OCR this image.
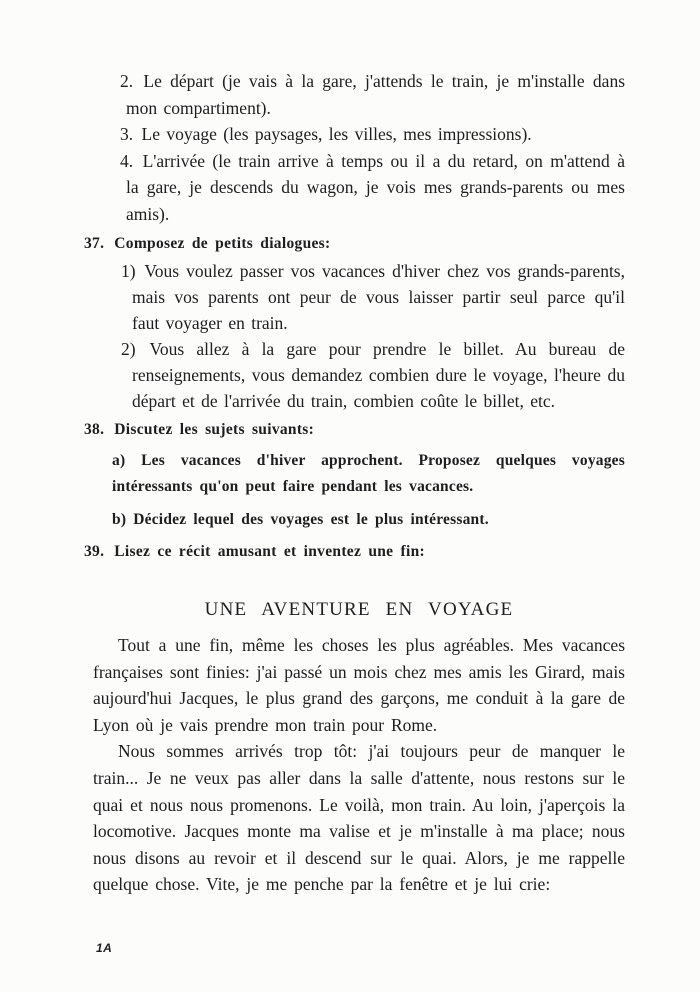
2. Le départ (je vais à la gare, j'attends le train, je m'installe dans mon compartiment).

3. Le voyage (les paysages, les villes, mes impressions).

4. L'arrivée (le train arrive à temps ou il a du retard, on m'attend à la gare, je descends du wagon, je vois mes grands-parents ou mes amis).

37. Composez de petits dialogues:

1) Vous voulez passer vos vacances d'hiver chez vos grands-parents, mais vos parents ont peur de vous laisser partir seul parce qu'il faut voyager en train.

2) Vous allez à la gare pour prendre le billet. Au bureau de renseignements, vous demandez combien dure le voyage, l'heure du départ et de l'arrivée du train, combien coûte le billet, etc.

38. Discutez les sujets suivants:

a) Les vacances d'hiver approchent. Proposez quelques voyages intéressants qu'on peut faire pendant les vacances.

b) Décidez lequel des voyages est le plus intéressant.

39. Lisez ce récit amusant et inventez une fin:

UNE AVENTURE EN VOYAGE

Tout a une fin, même les choses les plus agréables. Mes vacances françaises sont finies: j'ai passé un mois chez mes amis les Girard, mais aujourd'hui Jacques, le plus grand des garçons, me conduit à la gare de Lyon où je vais prendre mon train pour Rome.

Nous sommes arrivés trop tôt: j'ai toujours peur de manquer le train... Je ne veux pas aller dans la salle d'attente, nous restons sur le quai et nous nous promenons. Le voilà, mon train. Au loin, j'aperçois la locomotive. Jacques monte ma valise et je m'installe à ma place; nous nous disons au revoir et il descend sur le quai. Alors, je me rappelle quelque chose. Vite, je me penche par la fenêtre et je lui crie:

1A
